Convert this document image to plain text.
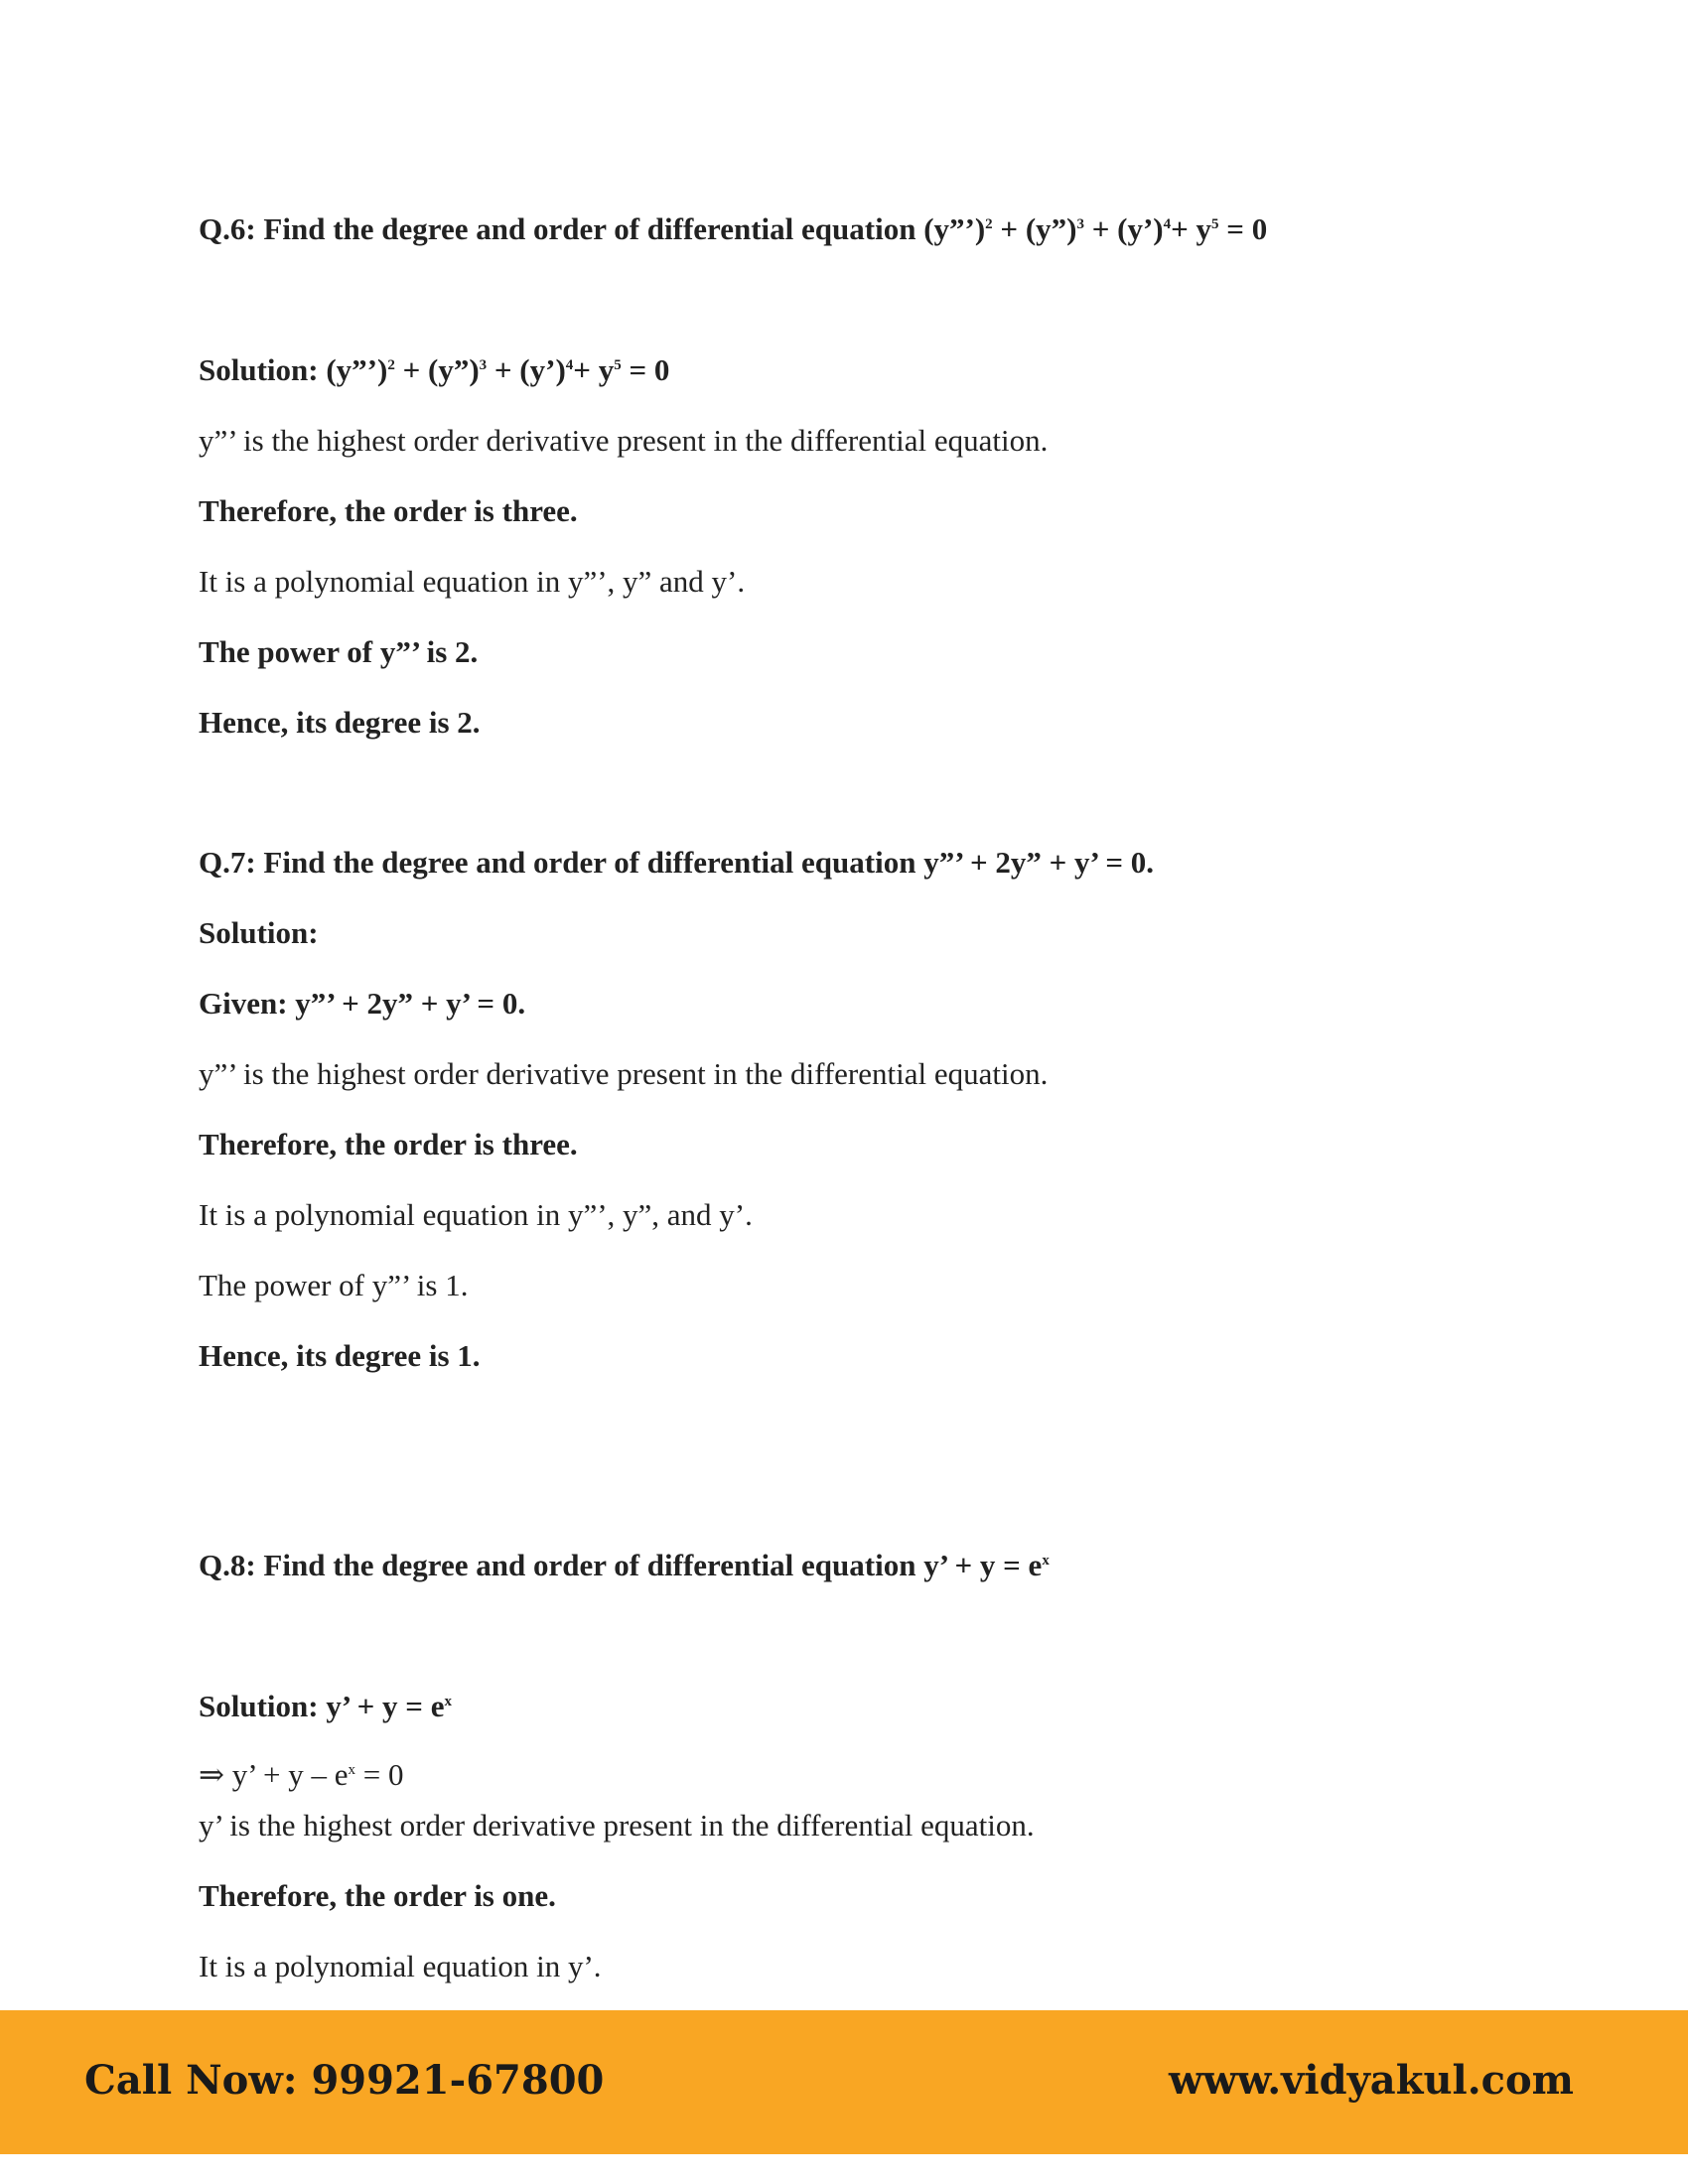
Q.6: Find the degree and order of differential equation (y”’)$^2$ + (y”)$^3$ + (y’)$^4$+ $y^5 = 0$
Solution: (y”’)$^2$ + (y”)$^3$ + (y’)$^4$+ $y^5 = 0$
y”’ is the highest order derivative present in the differential equation.
Therefore, the order is three.
It is a polynomial equation in y”’, y” and y’.
The power of y”’ is 2.
Hence, its degree is 2.
Q.7: Find the degree and order of differential equation y”’ + 2y” + y’ = 0.
Solution:
Given: y”’ + 2y” + y’ = 0.
y”’ is the highest order derivative present in the differential equation.
Therefore, the order is three.
It is a polynomial equation in y”’, y”, and y’.
The power of y”’ is 1.
Hence, its degree is 1.
Q.8: Find the degree and order of differential equation y’ + $y = e^x$
Solution: y’ + $y = e^x$
⇒ y’ + $y - e^x = 0$
y’ is the highest order derivative present in the differential equation.
Therefore, the order is one.
It is a polynomial equation in y’.
Call Now: 99921-67800	www.vidyakul.com
